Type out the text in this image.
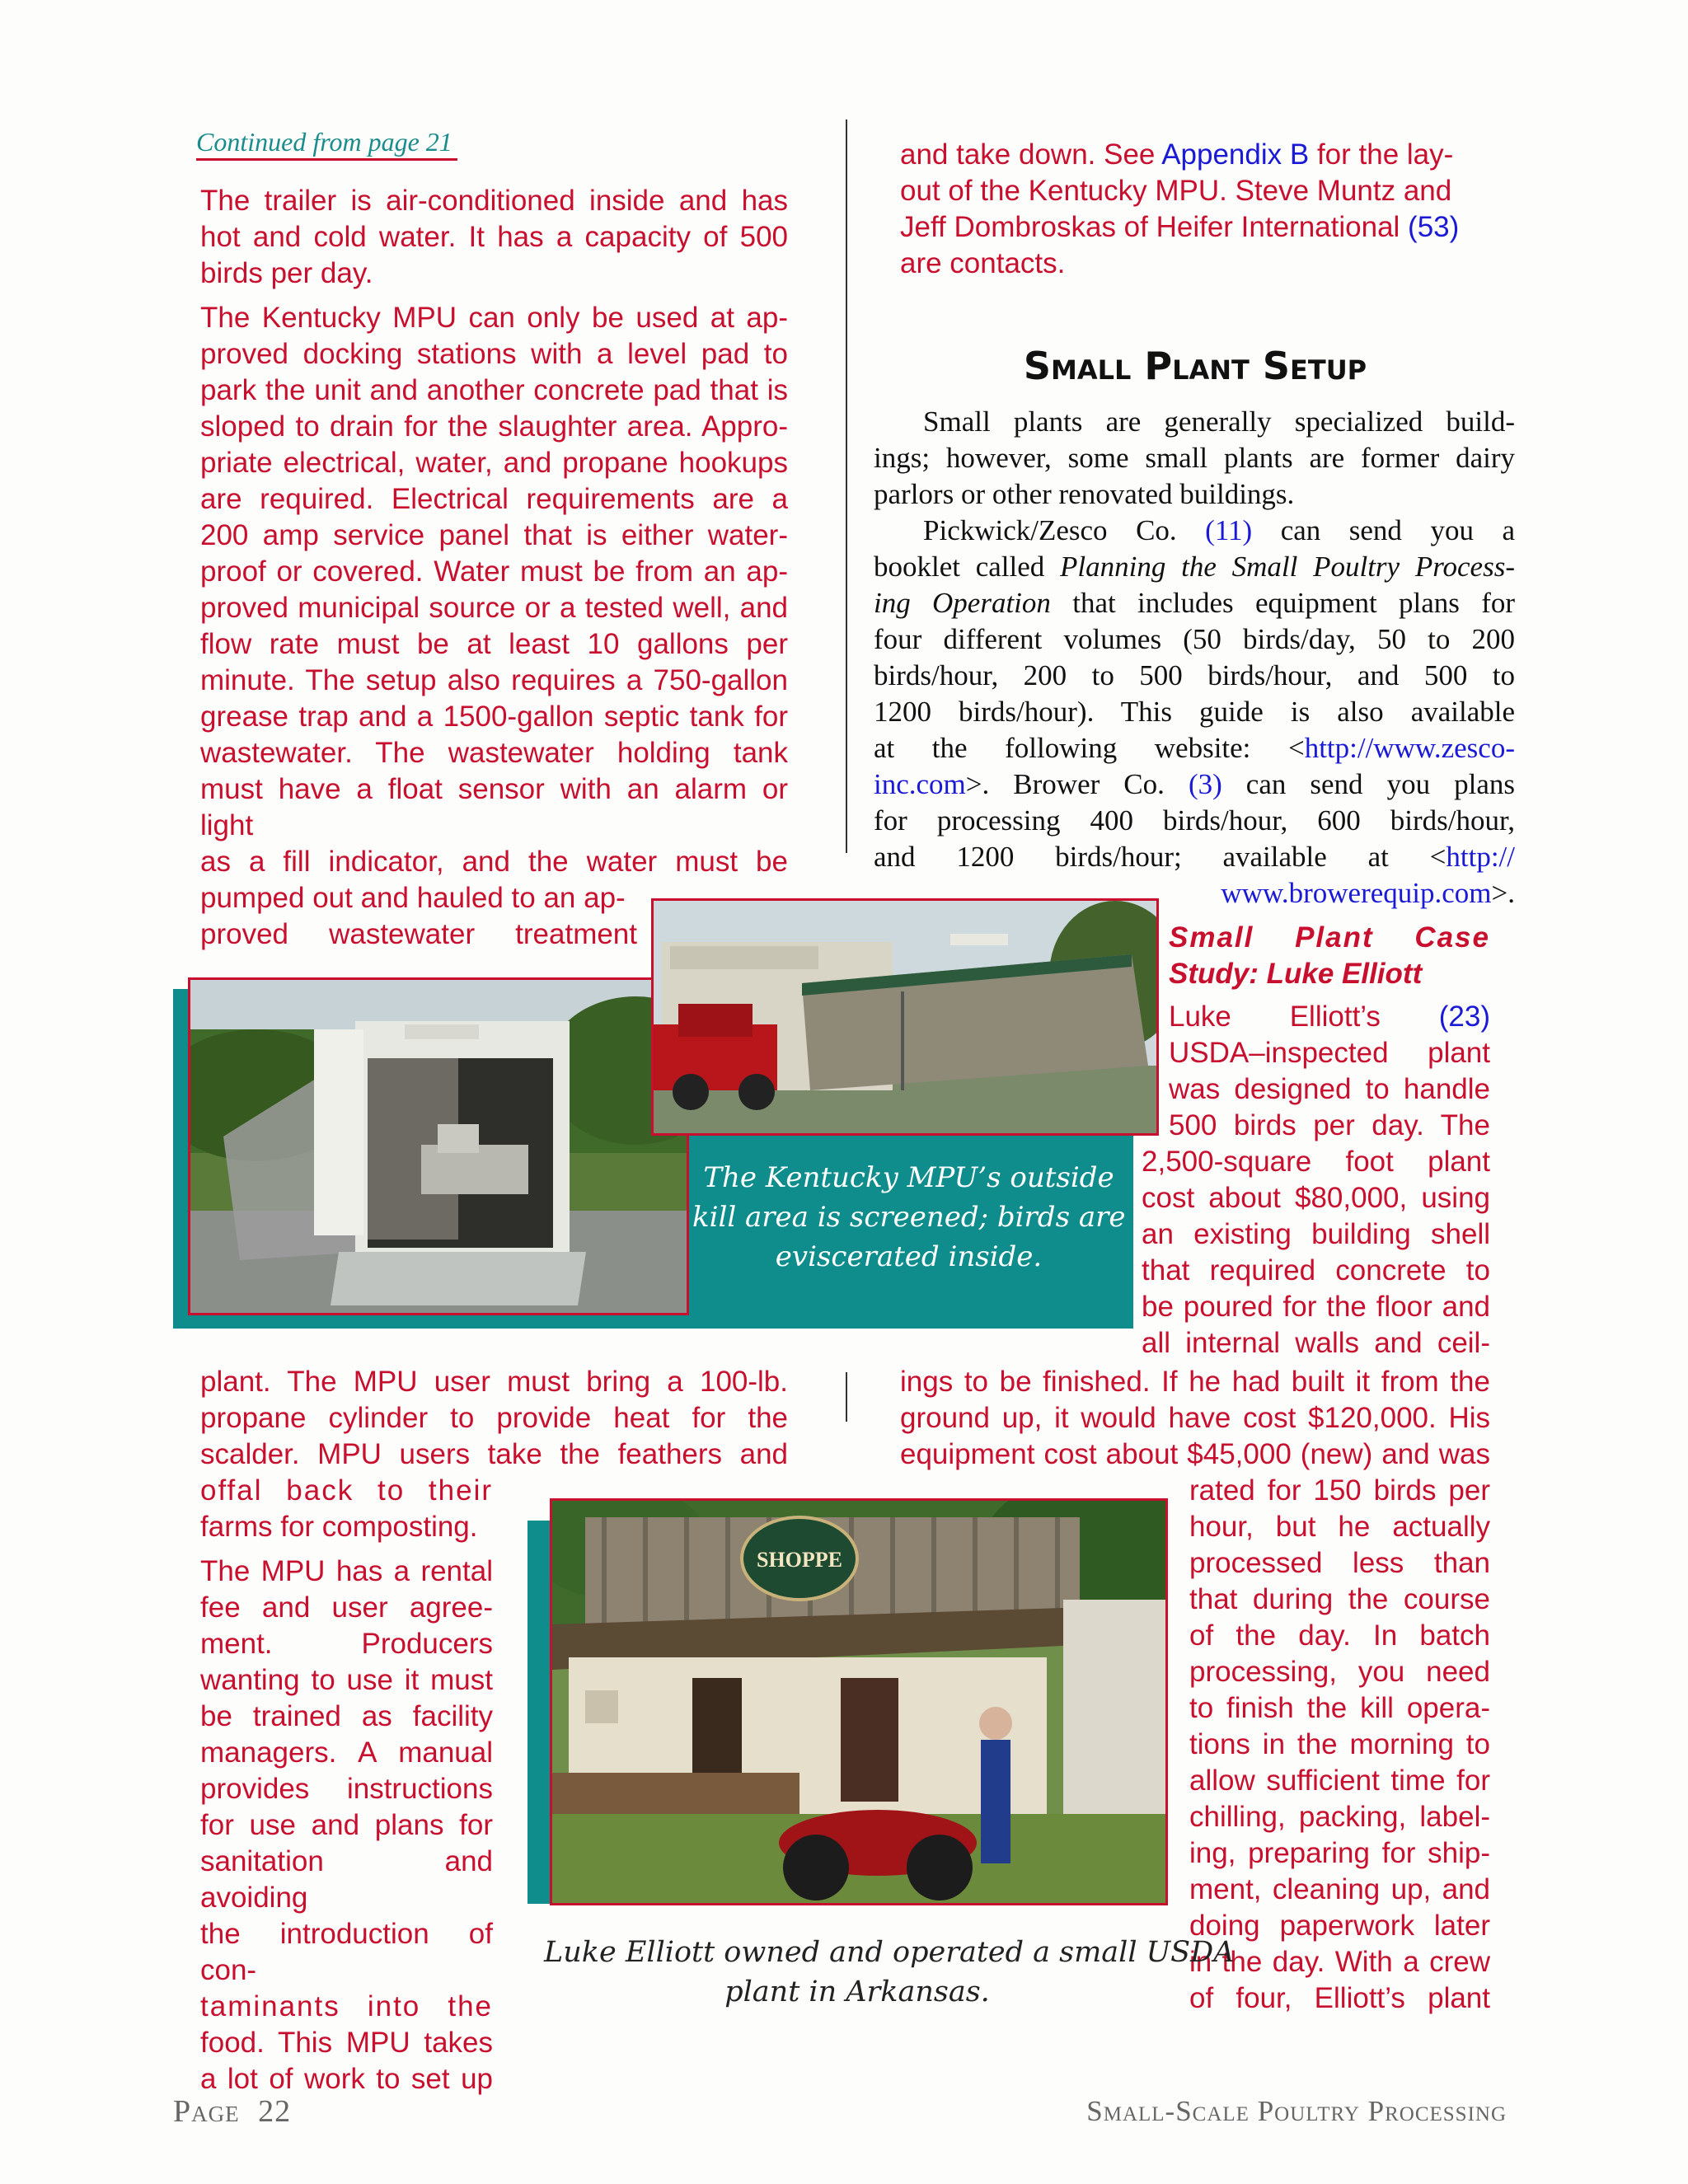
Continued from page 21
The trailer is air-conditioned inside and has
hot and cold water. It has a capacity of 500
birds per day.
The Kentucky MPU can only be used at ap-
proved docking stations with a level pad to
park the unit and another concrete pad that is
sloped to drain for the slaughter area. Appro-
priate electrical, water, and propane hookups
are required. Electrical requirements are a
200 amp service panel that is either water-
proof or covered. Water must be from an ap-
proved municipal source or a tested well, and
flow rate must be at least 10 gallons per
minute. The setup also requires a 750-gallon
grease trap and a 1500-gallon septic tank for
wastewater. The wastewater holding tank
must have a float sensor with an alarm or light
as a fill indicator, and the water must be
pumped out and hauled to an ap-
proved wastewater treatment
and take down. See Appendix B for the lay-
out of the Kentucky MPU. Steve Muntz and
Jeff Dombroskas of Heifer International (53)
are contacts.
Small Plant Setup
Small plants are generally specialized build-
ings; however, some small plants are former dairy
parlors or other renovated buildings.
Pickwick/Zesco Co. (11) can send you a
booklet called Planning the Small Poultry Process-
ing Operation that includes equipment plans for
four different volumes (50 birds/day, 50 to 200
birds/hour, 200 to 500 birds/hour, and 500 to
1200 birds/hour). This guide is also available
at the following website: <http://www.zesco-
inc.com>. Brower Co. (3) can send you plans
for processing 400 birds/hour, 600 birds/hour,
and 1200 birds/hour; available at <http://
www.browerequip.com>.
Small Plant Case
Study: Luke Elliott
Luke Elliott’s (23)
USDA–inspected plant
was designed to handle
500 birds per day. The
2,500-square foot plant
cost about $80,000, using
an existing building shell
that required concrete to
be poured for the floor and
all internal walls and ceil-
The Kentucky MPU’s outside
kill area is screened; birds are
eviscerated inside.
plant. The MPU user must bring a 100-lb.
propane cylinder to provide heat for the
scalder. MPU users take the feathers and
offal back to their
farms for composting.
The MPU has a rental
fee and user agree-
ment. Producers
wanting to use it must
be trained as facility
managers. A manual
provides instructions
for use and plans for
sanitation and avoiding
the introduction of con-
taminants into the
food. This MPU takes
a lot of work to set up
ings to be finished. If he had built it from the
ground up, it would have cost $120,000. His
equipment cost about $45,000 (new) and was
rated for 150 birds per
hour, but he actually
processed less than
that during the course
of the day. In batch
processing, you need
to finish the kill opera-
tions in the morning to
allow sufficient time for
chilling, packing, label-
ing, preparing for ship-
ment, cleaning up, and
doing paperwork later
in the day. With a crew
of four, Elliott’s plant
SHOPPE
Luke Elliott owned and operated a small USDA
plant in Arkansas.
Page 22	Small-Scale Poultry Processing
